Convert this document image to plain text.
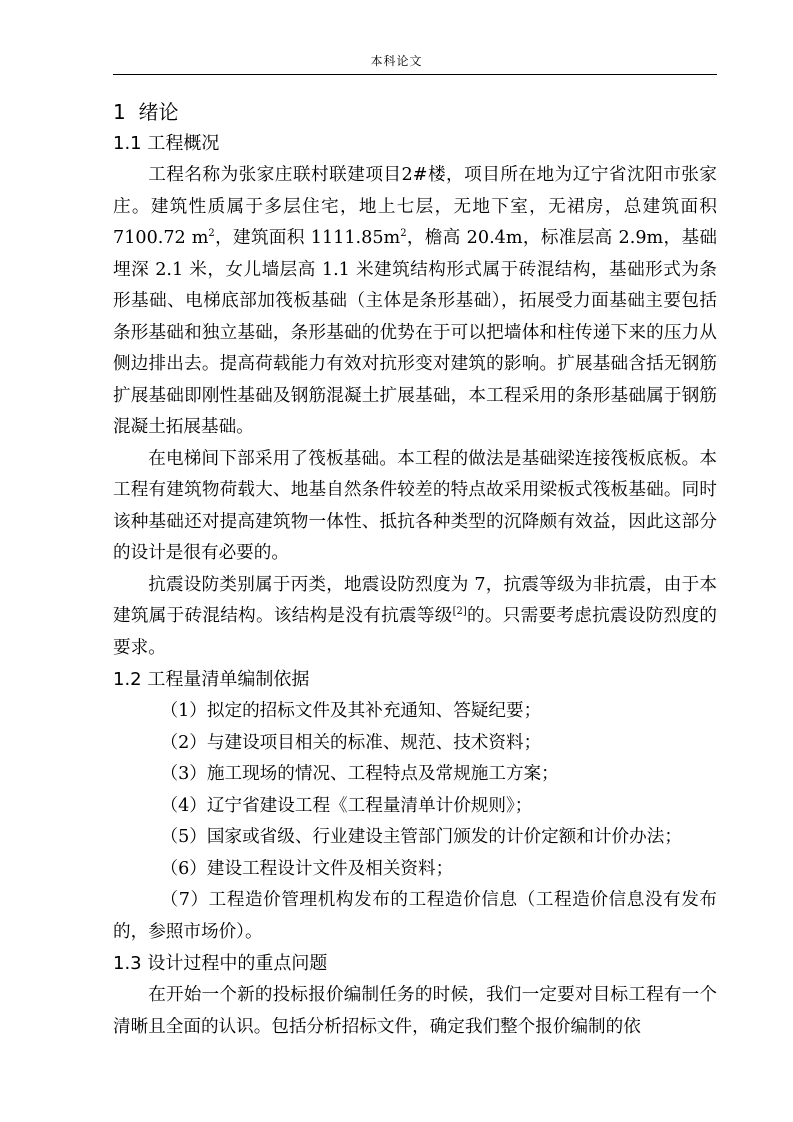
本科论文
1 绪论
1.1 工程概况

工程名称为张家庄联村联建项目2#楼，项目所在地为辽宁省沈阳市张家庄。建筑性质属于多层住宅，地上七层，无地下室，无裙房，总建筑面积 7100.72 $m^2$，建筑面积 $1111.85m^2$，檐高 20.4m，标准层高 2.9m，基础埋深 2.1 米，女儿墙层高 1.1 米建筑结构形式属于砖混结构，基础形式为条形基础、电梯底部加筏板基础（主体是条形基础），拓展受力面基础主要包括条形基础和独立基础，条形基础的优势在于可以把墙体和柱传递下来的压力从侧边排出去。提高荷载能力有效对抗形变对建筑的影响。扩展基础含括无钢筋扩展基础即刚性基础及钢筋混凝土扩展基础，本工程采用的条形基础属于钢筋混凝土拓展基础。

在电梯间下部采用了筏板基础。本工程的做法是基础梁连接筏板底板。本工程有建筑物荷载大、地基自然条件较差的特点故采用梁板式筏板基础。同时该种基础还对提高建筑物一体性、抵抗各种类型的沉降颇有效益，因此这部分的设计是很有必要的。

抗震设防类别属于丙类，地震设防烈度为 7，抗震等级为非抗震，由于本建筑属于砖混结构。该结构是没有抗震等级[2]的。只需要考虑抗震设防烈度的要求。

1.2 工程量清单编制依据

（1）拟定的招标文件及其补充通知、答疑纪要；

（2）与建设项目相关的标准、规范、技术资料；

（3）施工现场的情况、工程特点及常规施工方案；

（4）辽宁省建设工程《工程量清单计价规则》；

（5）国家或省级、行业建设主管部门颁发的计价定额和计价办法；

（6）建设工程设计文件及相关资料；

（7）工程造价管理机构发布的工程造价信息（工程造价信息没有发布的，参照市场价）。

1.3 设计过程中的重点问题

在开始一个新的投标报价编制任务的时候，我们一定要对目标工程有一个清晰且全面的认识。包括分析招标文件，确定我们整个报价编制的依
